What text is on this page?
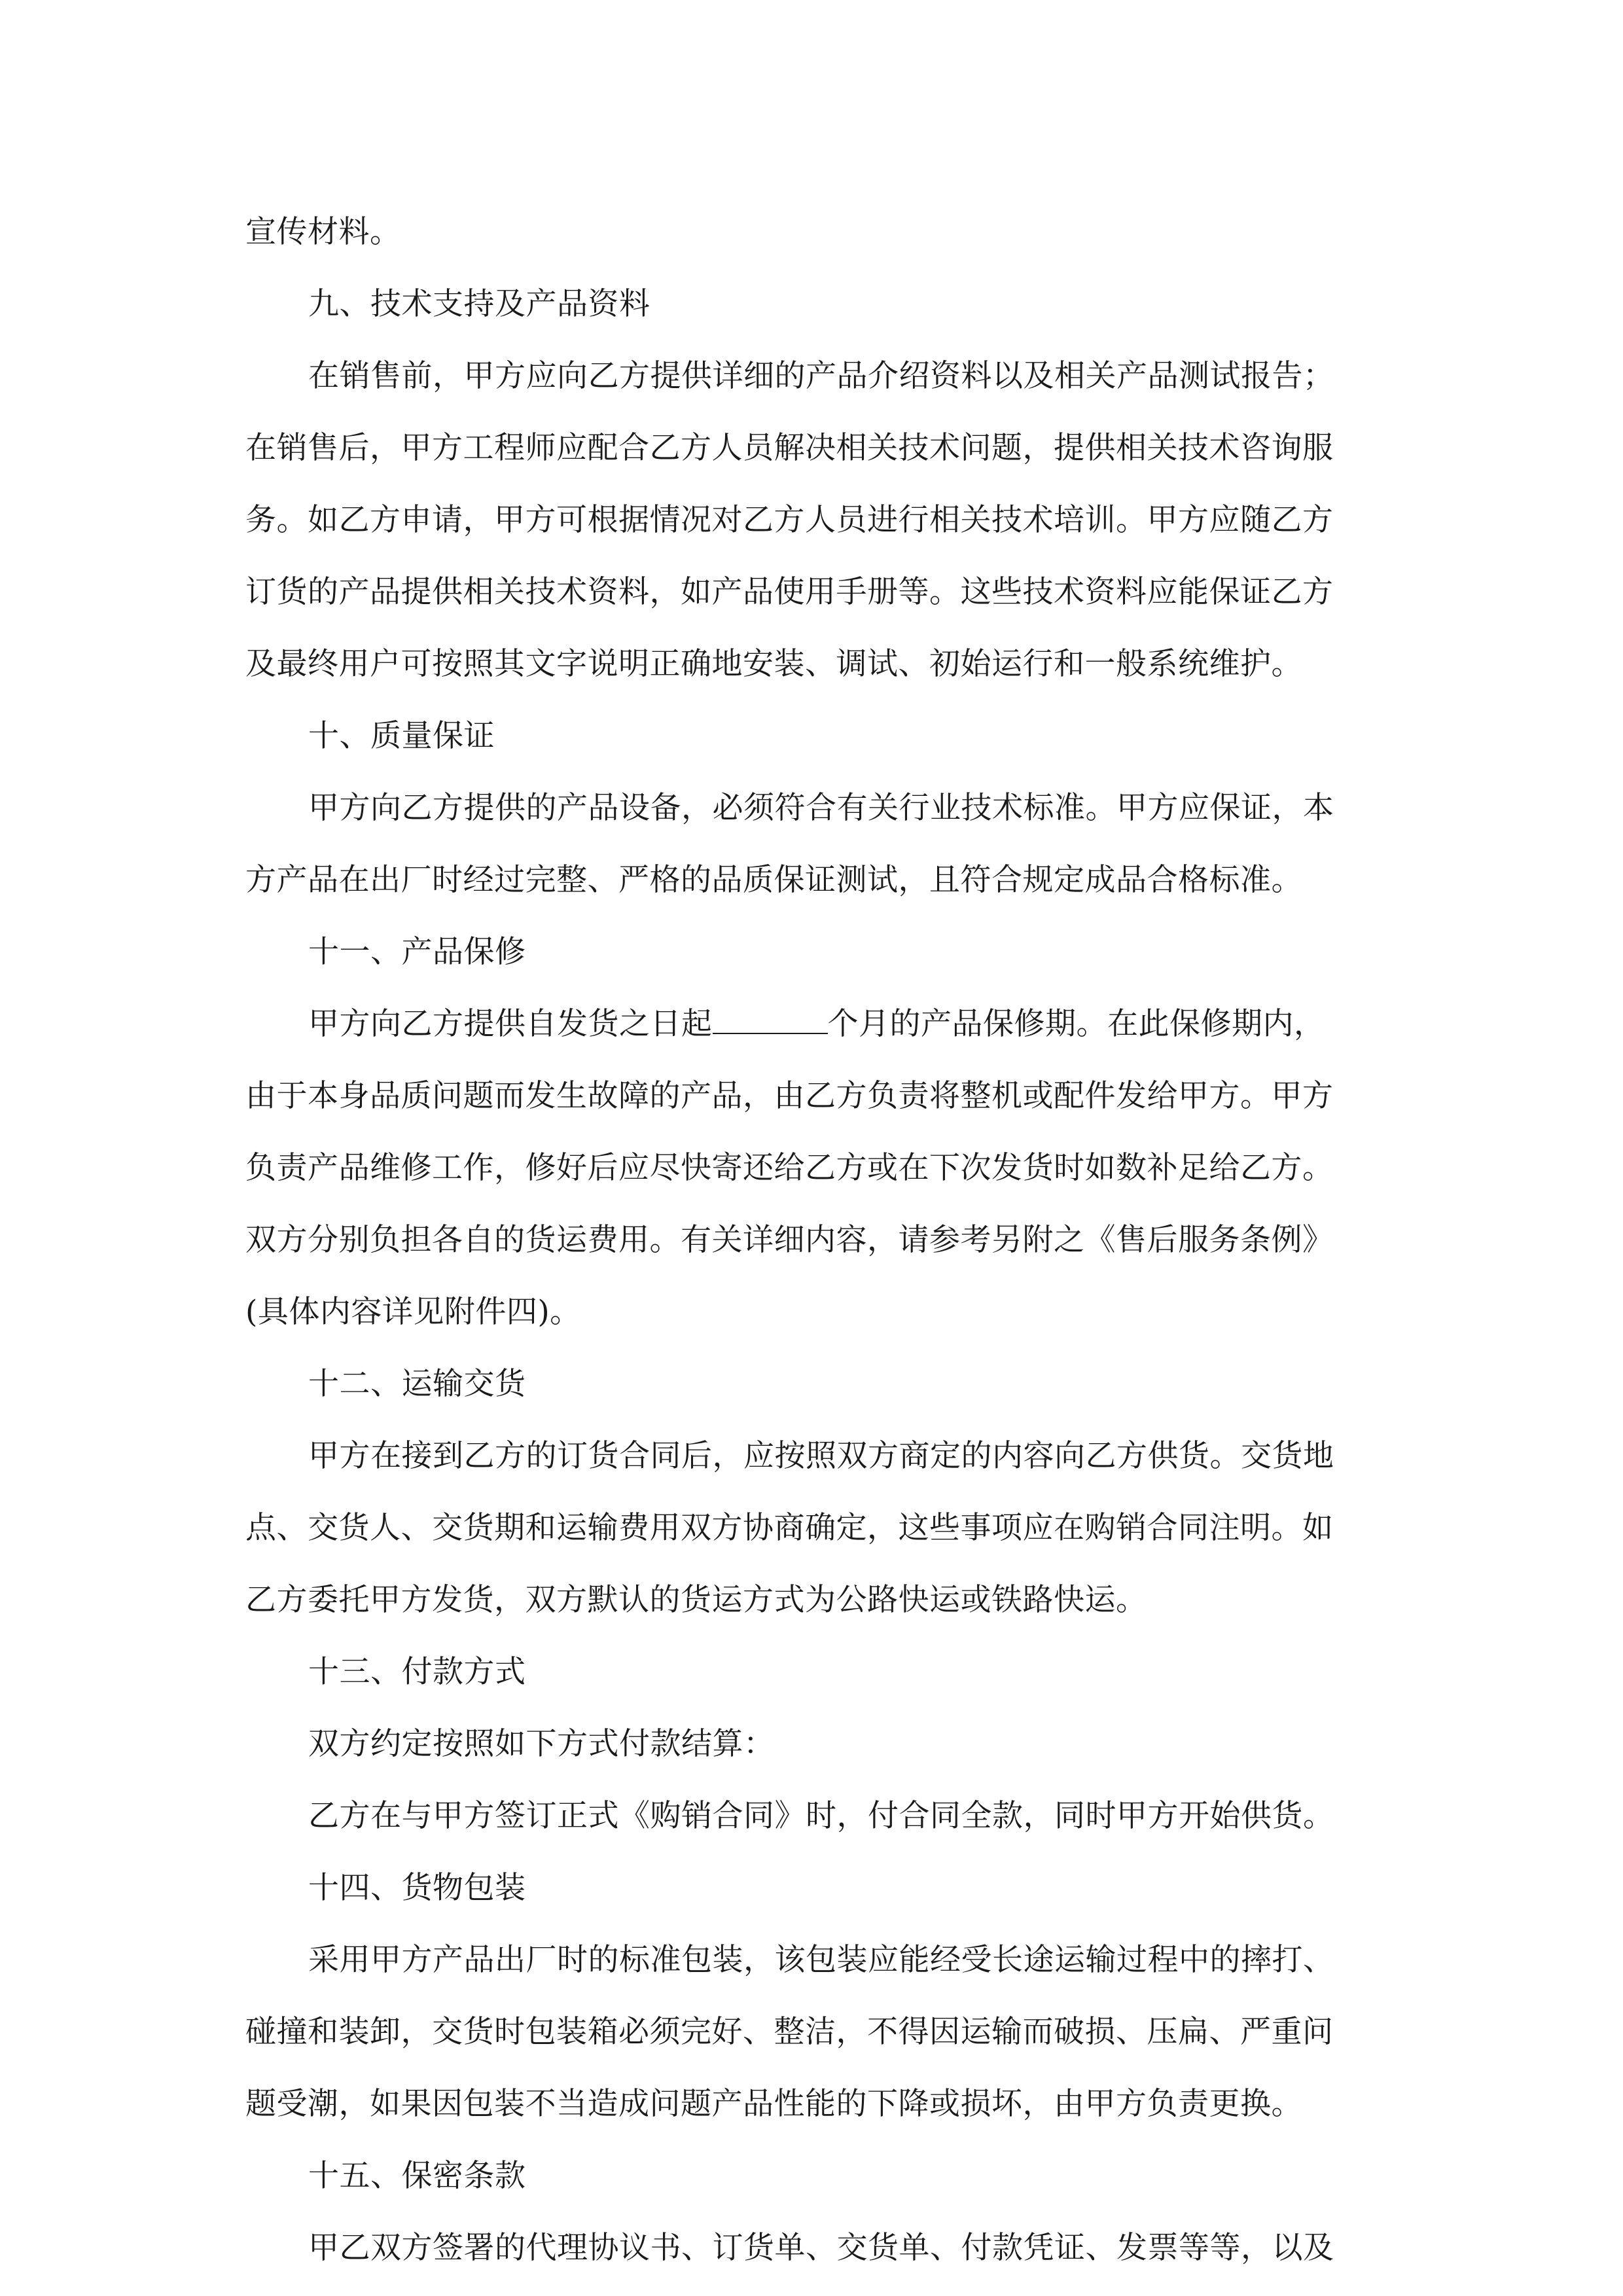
宣传材料。
九、技术支持及产品资料
在销售前，甲方应向乙方提供详细的产品介绍资料以及相关产品测试报告；
在销售后，甲方工程师应配合乙方人员解决相关技术问题，提供相关技术咨询服
务。如乙方申请，甲方可根据情况对乙方人员进行相关技术培训。甲方应随乙方
订货的产品提供相关技术资料，如产品使用手册等。这些技术资料应能保证乙方
及最终用户可按照其文字说明正确地安装、调试、初始运行和一般系统维护。
十、质量保证
甲方向乙方提供的产品设备，必须符合有关行业技术标准。甲方应保证，本
方产品在出厂时经过完整、严格的品质保证测试，且符合规定成品合格标准。
十一、产品保修
甲方向乙方提供自发货之日起	个月的产品保修期。在此保修期内，
由于本身品质问题而发生故障的产品，由乙方负责将整机或配件发给甲方。甲方
负责产品维修工作，修好后应尽快寄还给乙方或在下次发货时如数补足给乙方。
双方分别负担各自的货运费用。有关详细内容，请参考另附之《售后服务条例》
(具体内容详见附件四)。
十二、运输交货
甲方在接到乙方的订货合同后，应按照双方商定的内容向乙方供货。交货地
点、交货人、交货期和运输费用双方协商确定，这些事项应在购销合同注明。如
乙方委托甲方发货，双方默认的货运方式为公路快运或铁路快运。
十三、付款方式
双方约定按照如下方式付款结算：
乙方在与甲方签订正式《购销合同》时，付合同全款，同时甲方开始供货。
十四、货物包装
采用甲方产品出厂时的标准包装，该包装应能经受长途运输过程中的摔打、
碰撞和装卸，交货时包装箱必须完好、整洁，不得因运输而破损、压扁、严重问
题受潮，如果因包装不当造成问题产品性能的下降或损坏，由甲方负责更换。
十五、保密条款
甲乙双方签署的代理协议书、订货单、交货单、付款凭证、发票等等，以及
